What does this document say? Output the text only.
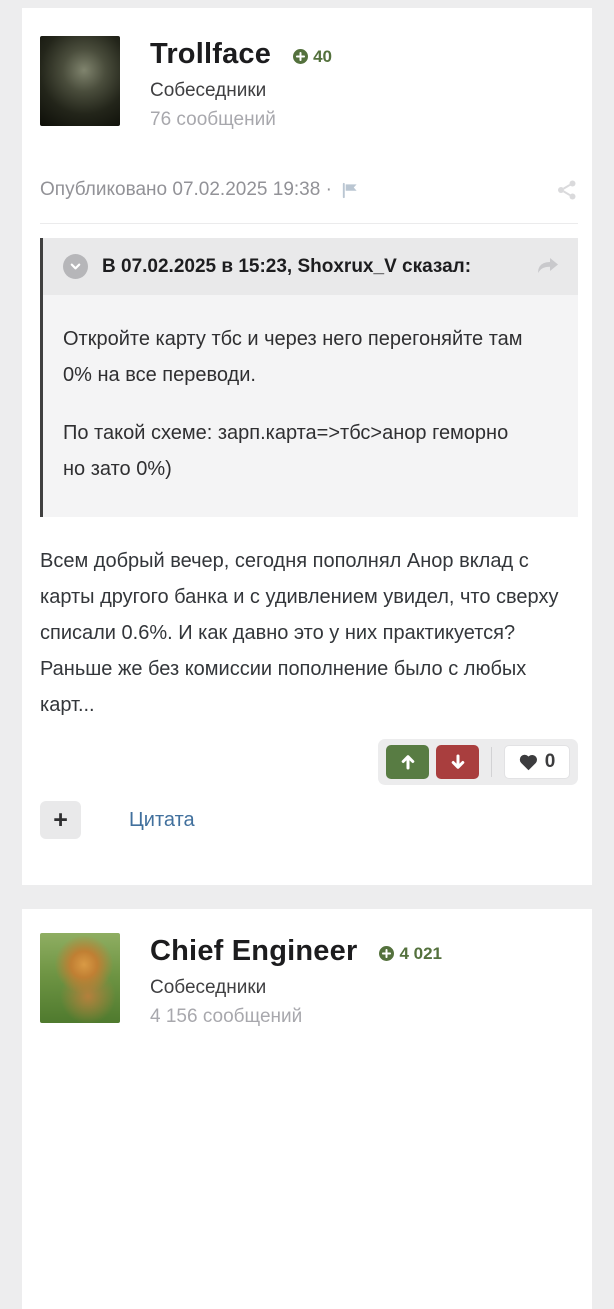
Trollface 40
Собеседники
76 сообщений
Опубликовано 07.02.2025 19:38 ·
В 07.02.2025 в 15:23, Shoxrux_V сказал:

Откройте карту тбс и через него перегоняйте там 0% на все переводи.

По такой схеме: зарп.карта=>тбс>анор геморно но зато 0%)

Всем добрый вечер, сегодня пополнял Анор вклад с карты другого банка и с удивлением увидел, что сверху списали 0.6%. И как давно это у них практикуется? Раньше же без комиссии пополнение было с любых карт...
0
+	Цитата
Chief Engineer 4 021
Собеседники
4 156 сообщений
